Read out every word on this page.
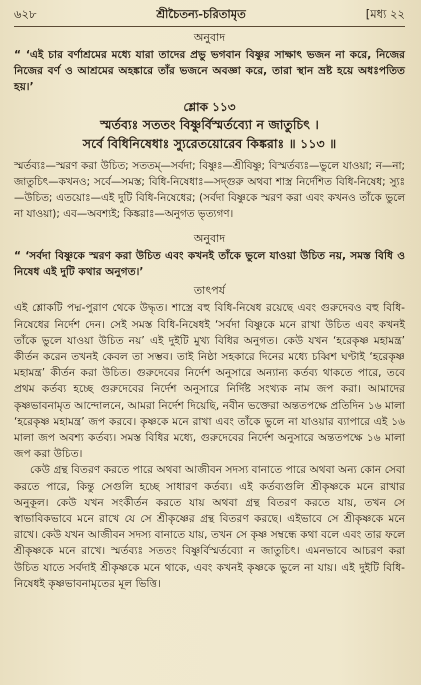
৬২৮	শ্রীচৈতন্য-চরিতামৃত	[মধ্য ২২
অনুবাদ

“ ‘এই চার বর্ণাশ্রমের মধ্যে যারা তাদের প্রভু ভগবান বিষ্ণুর সাক্ষাৎ ভজন না করে, নিজের নিজের বর্ণ ও আশ্রমের অহঙ্কারে তাঁর ভজনে অবজ্ঞা করে, তারা স্থান ভ্রষ্ট হয়ে অধঃপতিত হয়।’

শ্লোক ১১৩
স্মর্তব্যঃ সততং বিষ্ণুর্বিস্মর্তব্যো ন জাতুচিৎ ।
সর্বে বিধিনিষেধাঃ স্যুরেতয়োরেব কিঙ্করাঃ ॥ ১১৩ ॥

স্মর্তব্যঃ—স্মরণ করা উচিত; সততম্—সর্বদা; বিষ্ণুঃ—শ্রীবিষ্ণু; বিস্মর্তব্যঃ—ভুলে যাওয়া; ন—না; জাতুচিৎ—কখনও; সর্বে—সমস্ত; বিধি-নিষেধাঃ—সদ্গুরু অথবা শাস্ত্র নির্দেশিত বিধি-নিষেধ; স্যুঃ—উচিত; এতয়োঃ—এই দুটি বিধি-নিষেধের; (সর্বদা বিষ্ণুকে স্মরণ করা এবং কখনও তাঁকে ভুলে না যাওয়া); এব—অবশ্যই; কিঙ্করাঃ—অনুগত ভৃত্যগণ।

অনুবাদ

“ ‘সর্বদা বিষ্ণুকে স্মরণ করা উচিত এবং কখনই তাঁকে ভুলে যাওয়া উচিত নয়, সমস্ত বিধি ও নিষেধ এই দুটি কথার অনুগত।’

তাৎপর্য

এই শ্লোকটি পদ্ম-পুরাণ থেকে উদ্ধৃত। শাস্ত্রে বহু বিধি-নিষেধ রয়েছে এবং গুরুদেবও বহু বিধি-নিষেধের নির্দেশ দেন। সেই সমস্ত বিধি-নিষেধই ‘সর্বদা বিষ্ণুকে মনে রাখা উচিত এবং কখনই তাঁকে ভুলে যাওয়া উচিত নয়’ এই দুইটি মুখ্য বিধির অনুগত। কেউ যখন ‘হরেকৃষ্ণ মহামন্ত্র’ কীর্তন করেন তখনই কেবল তা সম্ভব। তাই নিষ্ঠা সহকারে দিনের মধ্যে চব্বিশ ঘণ্টাই ‘হরেকৃষ্ণ মহামন্ত্র’ কীর্তন করা উচিত। গুরুদেবের নির্দেশ অনুসারে অন্যান্য কর্তব্য থাকতে পারে, তবে প্রথম কর্তব্য হচ্ছে গুরুদেবের নির্দেশ অনুসারে নির্দিষ্ট সংখ্যক নাম জপ করা। আমাদের কৃষ্ণভাবনামৃত আন্দোলনে, আমরা নির্দেশ দিয়েছি, নবীন ভক্তেরা অন্ততপক্ষে প্রতিদিন ১৬ মালা ‘হরেকৃষ্ণ মহামন্ত্র’ জপ করবে। কৃষ্ণকে মনে রাখা এবং তাঁকে ভুলে না যাওয়ার ব্যাপারে এই ১৬ মালা জপ অবশ্য কর্তব্য। সমস্ত বিধির মধ্যে, গুরুদেবের নির্দেশ অনুসারে অন্ততপক্ষে ১৬ মালা জপ করা উচিত।

কেউ গ্রন্থ বিতরণ করতে পারে অথবা আজীবন সদস্য বানাতে পারে অথবা অন্য কোন সেবা করতে পারে, কিন্তু সেগুলি হচ্ছে সাধারণ কর্তব্য। এই কর্তব্যগুলি শ্রীকৃষ্ণকে মনে রাখার অনুকূল। কেউ যখন সংকীর্তন করতে যায় অথবা গ্রন্থ বিতরণ করতে যায়, তখন সে স্বাভাবিকভাবে মনে রাখে যে সে শ্রীকৃষ্ণের গ্রন্থ বিতরণ করছে। এইভাবে সে শ্রীকৃষ্ণকে মনে রাখে। কেউ যখন আজীবন সদস্য বানাতে যায়, তখন সে কৃষ্ণ সম্বন্ধে কথা বলে এবং তার ফলে শ্রীকৃষ্ণকে মনে রাখে। স্মর্তব্যঃ সততং বিষ্ণুর্বিস্মর্তব্যো ন জাতুচিৎ। এমনভাবে আচরণ করা উচিত যাতে সর্বদাই শ্রীকৃষ্ণকে মনে থাকে, এবং কখনই কৃষ্ণকে ভুলে না যায়। এই দুইটি বিধি-নিষেধই কৃষ্ণভাবনামৃতের মূল ভিত্তি।
